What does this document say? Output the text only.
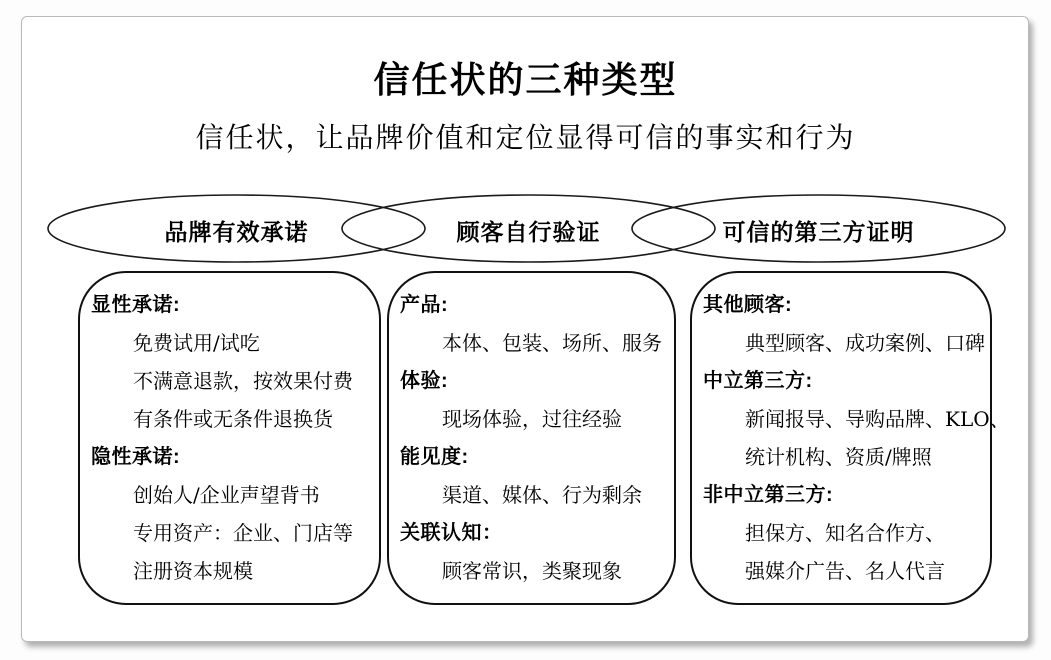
信任状的三种类型
信任状，让品牌价值和定位显得可信的事实和行为
品牌有效承诺	顾客自行验证	可信的第三方证明
显性承诺:
免费试用/试吃
不满意退款，按效果付费
有条件或无条件退换货
隐性承诺:
创始人/企业声望背书
专用资产：企业、门店等
注册资本规模
产品:
本体、包装、场所、服务
体验:
现场体验，过往经验
能见度:
渠道、媒体、行为剩余
关联认知：
顾客常识，类聚现象
其他顾客:
典型顾客、成功案例、口碑
中立第三方:
新闻报导、导购品牌、KLO、
统计机构、资质/牌照
非中立第三方:
担保方、知名合作方、
强媒介广告、名人代言
